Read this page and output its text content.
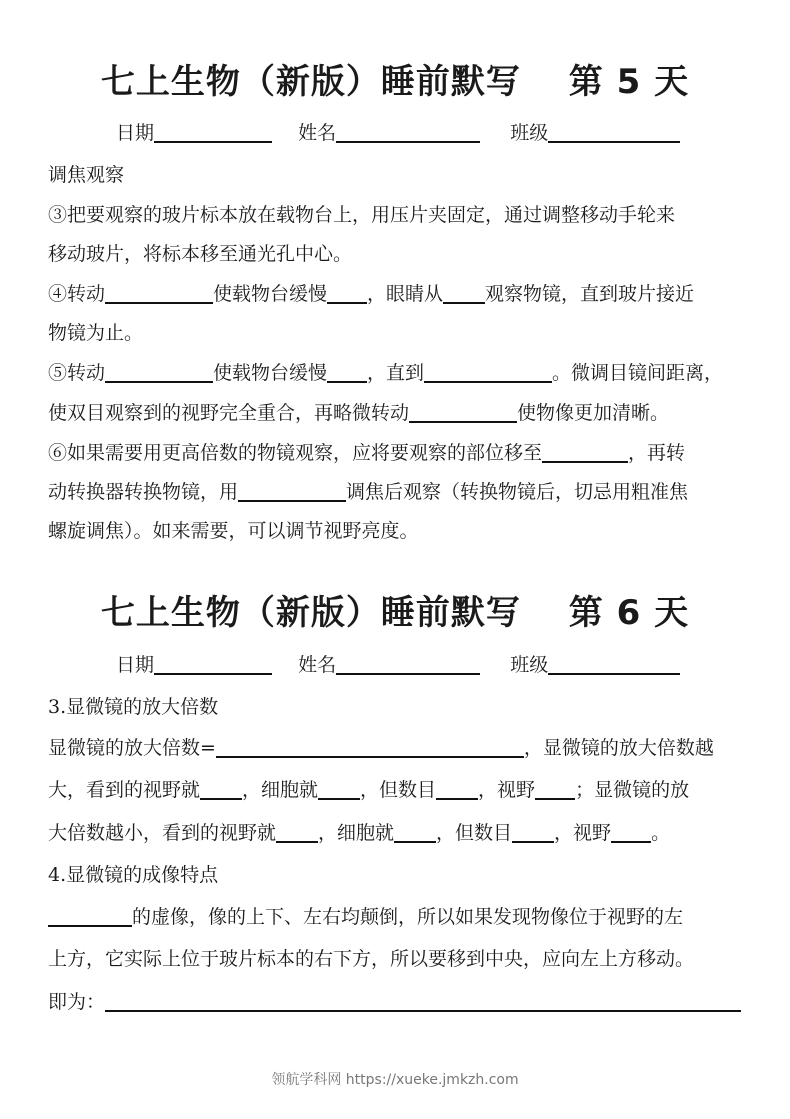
七上生物（新版）睡前默写　 第 5 天
日期	姓名	班级
调焦观察
③把要观察的玻片标本放在载物台上，用压片夹固定，通过调整移动手轮来
移动玻片，将标本移至通光孔中心。
④转动	使载物台缓慢 ，眼睛从 观察物镜，直到玻片接近
物镜为止。
⑤转动	使载物台缓慢 ，直到	。微调目镜间距离，
使双目观察到的视野完全重合，再略微转动	使物像更加清晰。
⑥如果需要用更高倍数的物镜观察，应将要观察的部位移至	，再转
动转换器转换物镜，用	调焦后观察（转换物镜后，切忌用粗准焦
螺旋调焦）。如来需要，可以调节视野亮度。
七上生物（新版）睡前默写　 第 6 天
日期	姓名	班级
3.显微镜的放大倍数
显微镜的放大倍数=	，显微镜的放大倍数越
大，看到的视野就 ，细胞就 ，但数目 ，视野 ；显微镜的放
大倍数越小，看到的视野就 ，细胞就 ，但数目 ，视野 。
4.显微镜的成像特点
的虚像，像的上下、左右均颠倒，所以如果发现物像位于视野的左
上方，它实际上位于玻片标本的右下方，所以要移到中央，应向左上方移动。
即为：
领航学科网 https://xueke.jmkzh.com
